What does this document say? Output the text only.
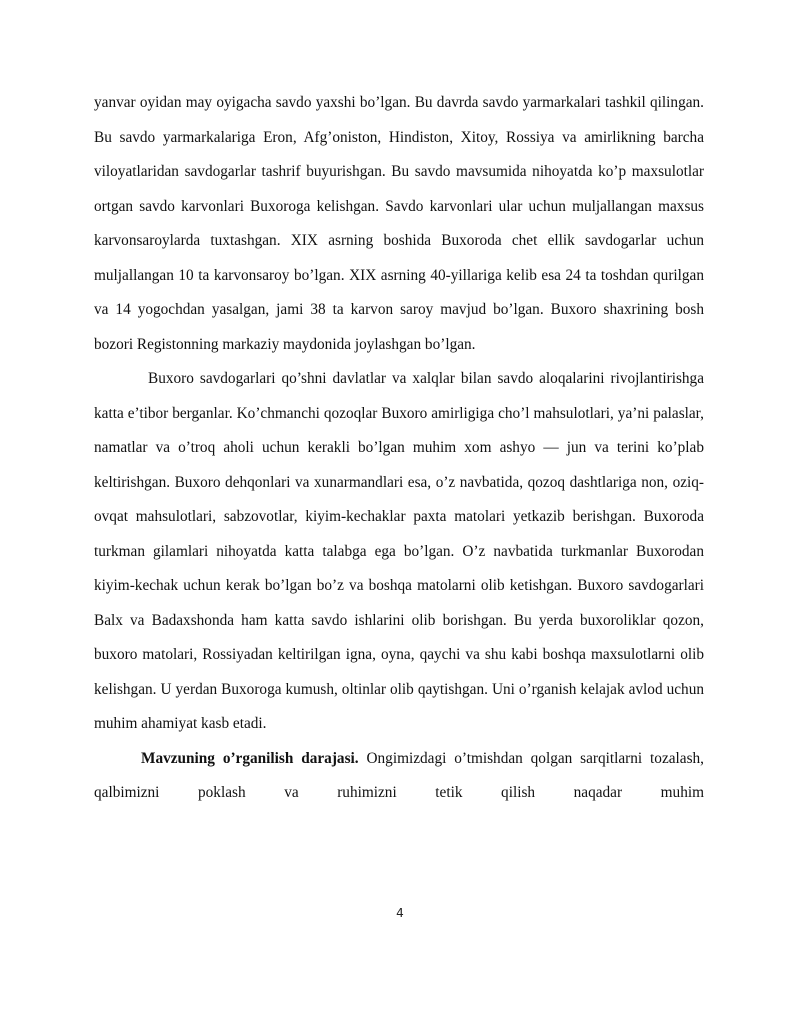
yanvar oyidan may oyigacha savdo yaxshi bo’lgan. Bu davrda savdo yarmarkalari tashkil qilingan. Bu savdo yarmarkalariga Eron, Afg’oniston, Hindiston, Xitoy, Rossiya va amirlikning barcha viloyatlaridan savdogarlar tashrif buyurishgan. Bu savdo mavsumida nihoyatda ko’p maxsulotlar ortgan savdo karvonlari Buxoroga kelishgan. Savdo karvonlari ular uchun muljallangan maxsus karvonsaroylarda tuxtashgan. XIX asrning boshida Buxoroda chet ellik savdogarlar uchun muljallangan 10 ta karvonsaroy bo’lgan. XIX asrning 40-yillariga kelib esa 24 ta toshdan qurilgan va 14 yogochdan yasalgan, jami 38 ta karvon saroy mavjud bo’lgan. Buxoro shaxrining bosh bozori Registonning markaziy maydonida joylashgan bo’lgan.

Buxoro savdogarlari qo’shni davlatlar va xalqlar bilan savdo aloqalarini rivojlantirishga katta e’tibor berganlar. Ko’chmanchi qozoqlar Buxoro amirligiga cho’l mahsulotlari, ya’ni palaslar, namatlar va o’troq aholi uchun kerakli bo’lgan muhim xom ashyo — jun va terini ko’plab keltirishgan. Buxoro dehqonlari va xunarmandlari esa, o’z navbatida, qozoq dashtlariga non, oziq-ovqat mahsulotlari, sabzovotlar, kiyim-kechaklar paxta matolari yetkazib berishgan. Buxoroda turkman gilamlari nihoyatda katta talabga ega bo’lgan. O’z navbatida turkmanlar Buxorodan kiyim-kechak uchun kerak bo’lgan bo’z va boshqa matolarni olib ketishgan. Buxoro savdogarlari Balx va Badaxshonda ham katta savdo ishlarini olib borishgan. Bu yerda buxoroliklar qozon, buxoro matolari, Rossiyadan keltirilgan igna, oyna, qaychi va shu kabi boshqa maxsulotlarni olib kelishgan. U yerdan Buxoroga kumush, oltinlar olib qaytishgan. Uni o’rganish kelajak avlod uchun muhim ahamiyat kasb etadi.

Mavzuning o’rganilish darajasi. Ongimizdagi o’tmishdan qolgan sarqitlarni tozalash, qalbimizni poklash va ruhimizni tetik qilish naqadar muhim

4
